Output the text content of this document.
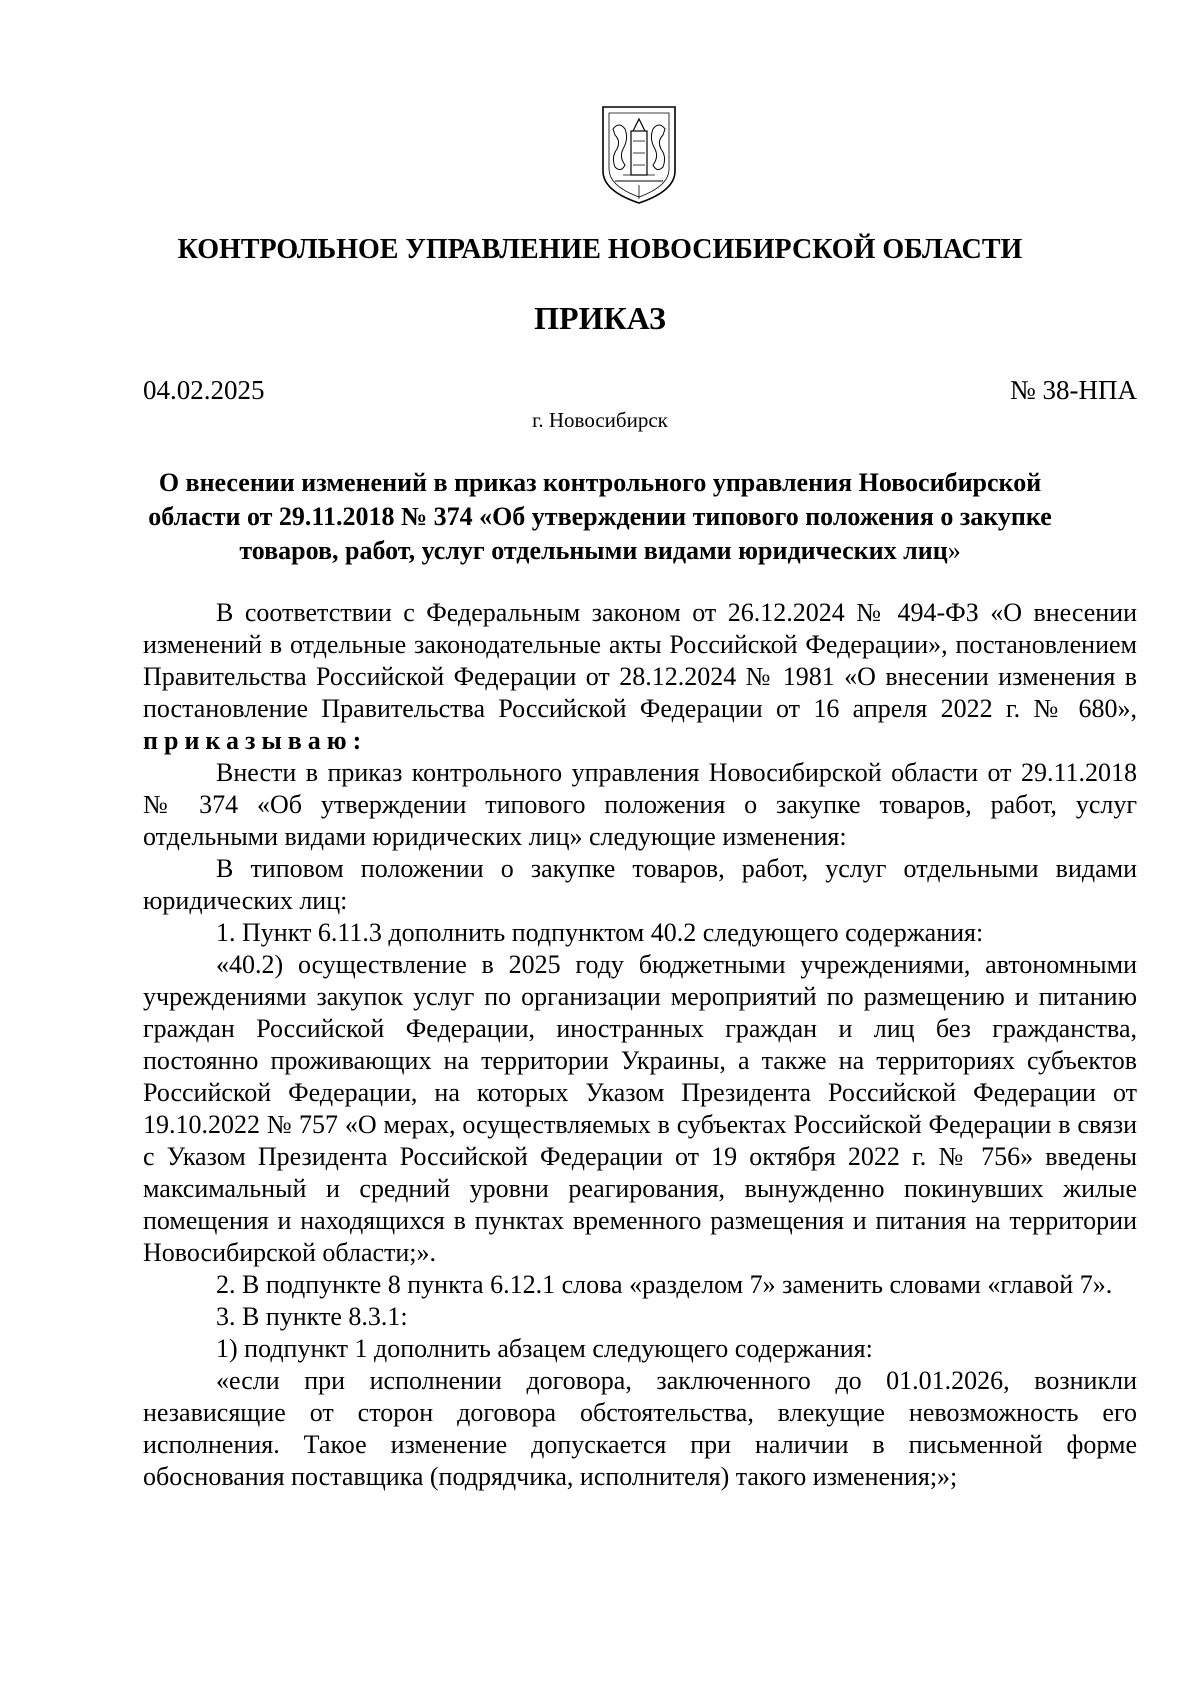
КОНТРОЛЬНОЕ УПРАВЛЕНИЕ НОВОСИБИРСКОЙ ОБЛАСТИ
ПРИКАЗ
04.02.2025	№ 38-НПА
г. Новосибирск
О внесении изменений в приказ контрольного управления Новосибирской области от 29.11.2018 № 374 «Об утверждении типового положения о закупке товаров, работ, услуг отдельными видами юридических лиц»

В соответствии с Федеральным законом от 26.12.2024 № 494-ФЗ «О внесении изменений в отдельные законодательные акты Российской Федерации», постановлением Правительства Российской Федерации от 28.12.2024 № 1981 «О внесении изменения в постановление Правительства Российской Федерации от 16 апреля 2022 г. № 680», приказываю:

Внести в приказ контрольного управления Новосибирской области от 29.11.2018 № 374 «Об утверждении типового положения о закупке товаров, работ, услуг отдельными видами юридических лиц» следующие изменения:

В типовом положении о закупке товаров, работ, услуг отдельными видами юридических лиц:

1. Пункт 6.11.3 дополнить подпунктом 40.2 следующего содержания:

«40.2) осуществление в 2025 году бюджетными учреждениями, автономными учреждениями закупок услуг по организации мероприятий по размещению и питанию граждан Российской Федерации, иностранных граждан и лиц без гражданства, постоянно проживающих на территории Украины, а также на территориях субъектов Российской Федерации, на которых Указом Президента Российской Федерации от 19.10.2022 № 757 «О мерах, осуществляемых в субъектах Российской Федерации в связи с Указом Президента Российской Федерации от 19 октября 2022 г. № 756» введены максимальный и средний уровни реагирования, вынужденно покинувших жилые помещения и находящихся в пунктах временного размещения и питания на территории Новосибирской области;».

2. В подпункте 8 пункта 6.12.1 слова «разделом 7» заменить словами «главой 7».

3. В пункте 8.3.1:

1) подпункт 1 дополнить абзацем следующего содержания:

«если при исполнении договора, заключенного до 01.01.2026, возникли независящие от сторон договора обстоятельства, влекущие невозможность его исполнения. Такое изменение допускается при наличии в письменной форме обоснования поставщика (подрядчика, исполнителя) такого изменения;»;
